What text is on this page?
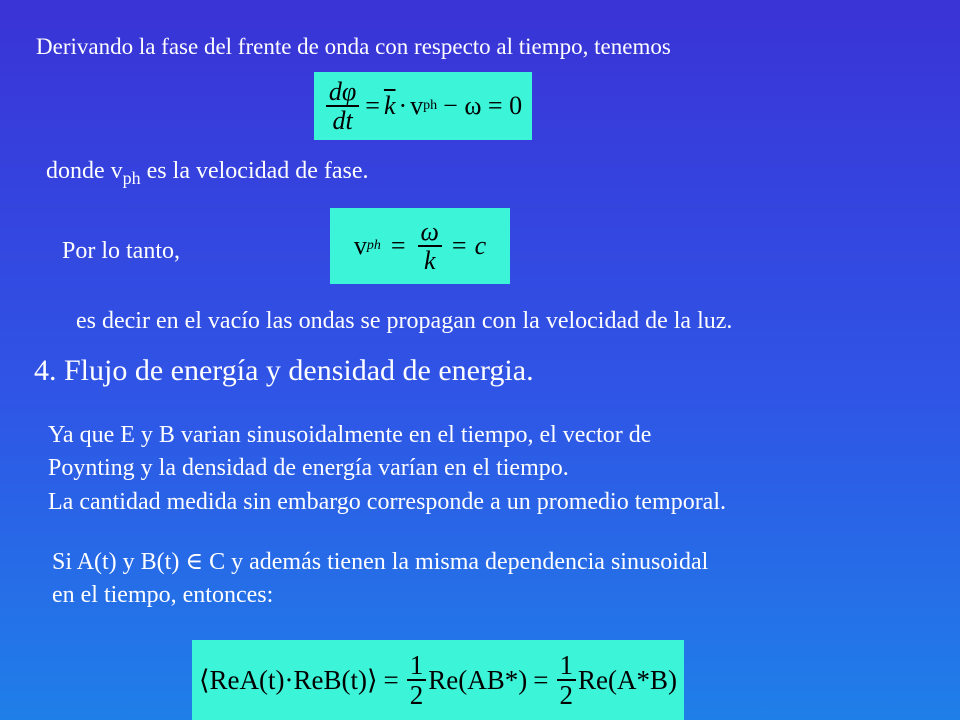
Derivando la fase del frente de onda con respecto al tiempo, tenemos
$\frac{d\varphi}{dt} = \overline{k} \cdot v$ ph − ω = 0
donde $v_{ph}$ es la velocidad de fase.
Por lo tanto,	v ph = $\frac{\omega}{k} = c$
es decir en el vacío las ondas se propagan con la velocidad de la luz.
4. Flujo de energía y densidad de energia.
Ya que E y B varian sinusoidalmente en el tiempo, el vector de
Poynting y la densidad de energía varían en el tiempo.
La cantidad medida sin embargo corresponde a un promedio temporal.
Si A(t) y B(t) ∈ C y además tienen la misma dependencia sinusoidal
en el tiempo, entonces:
⟨ReA(t)·ReB(t)⟩ = $\frac{1}{2} Re(AB*) = \frac{1}{2} Re(A*B)$
